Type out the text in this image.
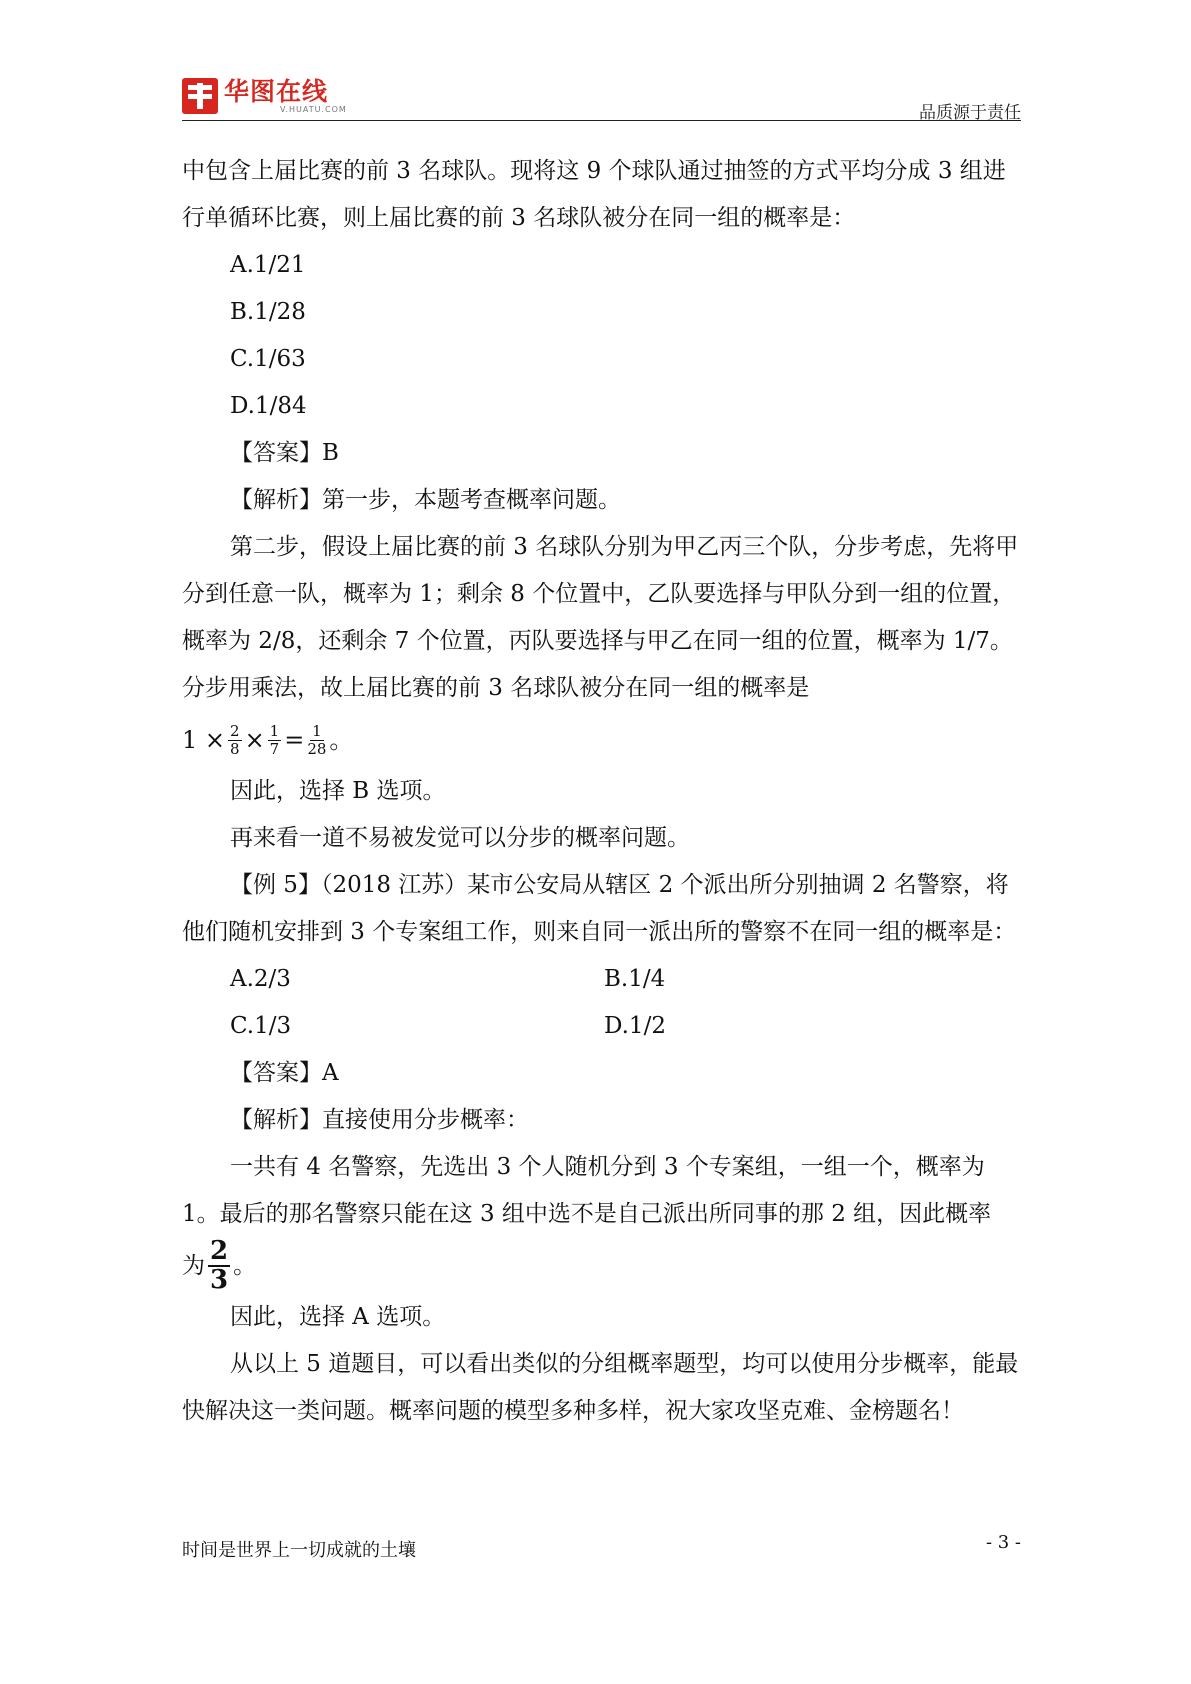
华图在线
V.HUATU.COM	品质源于责任

中包含上届比赛的前 3 名球队。现将这 9 个球队通过抽签的方式平均分成 3 组进行单循环比赛，则上届比赛的前 3 名球队被分在同一组的概率是：

A.1/21

B.1/28

C.1/63

D.1/84

【答案】B

【解析】第一步，本题考查概率问题。

第二步，假设上届比赛的前 3 名球队分别为甲乙丙三个队，分步考虑，先将甲分到任意一队，概率为 1；剩余 8 个位置中，乙队要选择与甲队分到一组的位置，概率为 2/8，还剩余 7 个位置，丙队要选择与甲乙在同一组的位置，概率为 1/7。分步用乘法，故上届比赛的前 3 名球队被分在同一组的概率是

$1 \times \frac{2}{8} \times \frac{1}{7} = \frac{1}{28}$ 。

因此，选择 B 选项。

再来看一道不易被发觉可以分步的概率问题。

【例 5】（2018 江苏）某市公安局从辖区 2 个派出所分别抽调 2 名警察，将他们随机安排到 3 个专案组工作，则来自同一派出所的警察不在同一组的概率是：

A.2/3	B.1/4
C.1/3	D.1/2

【答案】A

【解析】直接使用分步概率：

一共有 4 名警察，先选出 3 个人随机分到 3 个专案组，一组一个，概率为 1。最后的那名警察只能在这 3 组中选不是自己派出所同事的那 2 组，因此概率

为 $\frac{2}{3}$ 。

因此，选择 A 选项。

从以上 5 道题目，可以看出类似的分组概率题型，均可以使用分步概率，能最快解决这一类问题。概率问题的模型多种多样，祝大家攻坚克难、金榜题名！

时间是世界上一切成就的土壤	- 3 -
